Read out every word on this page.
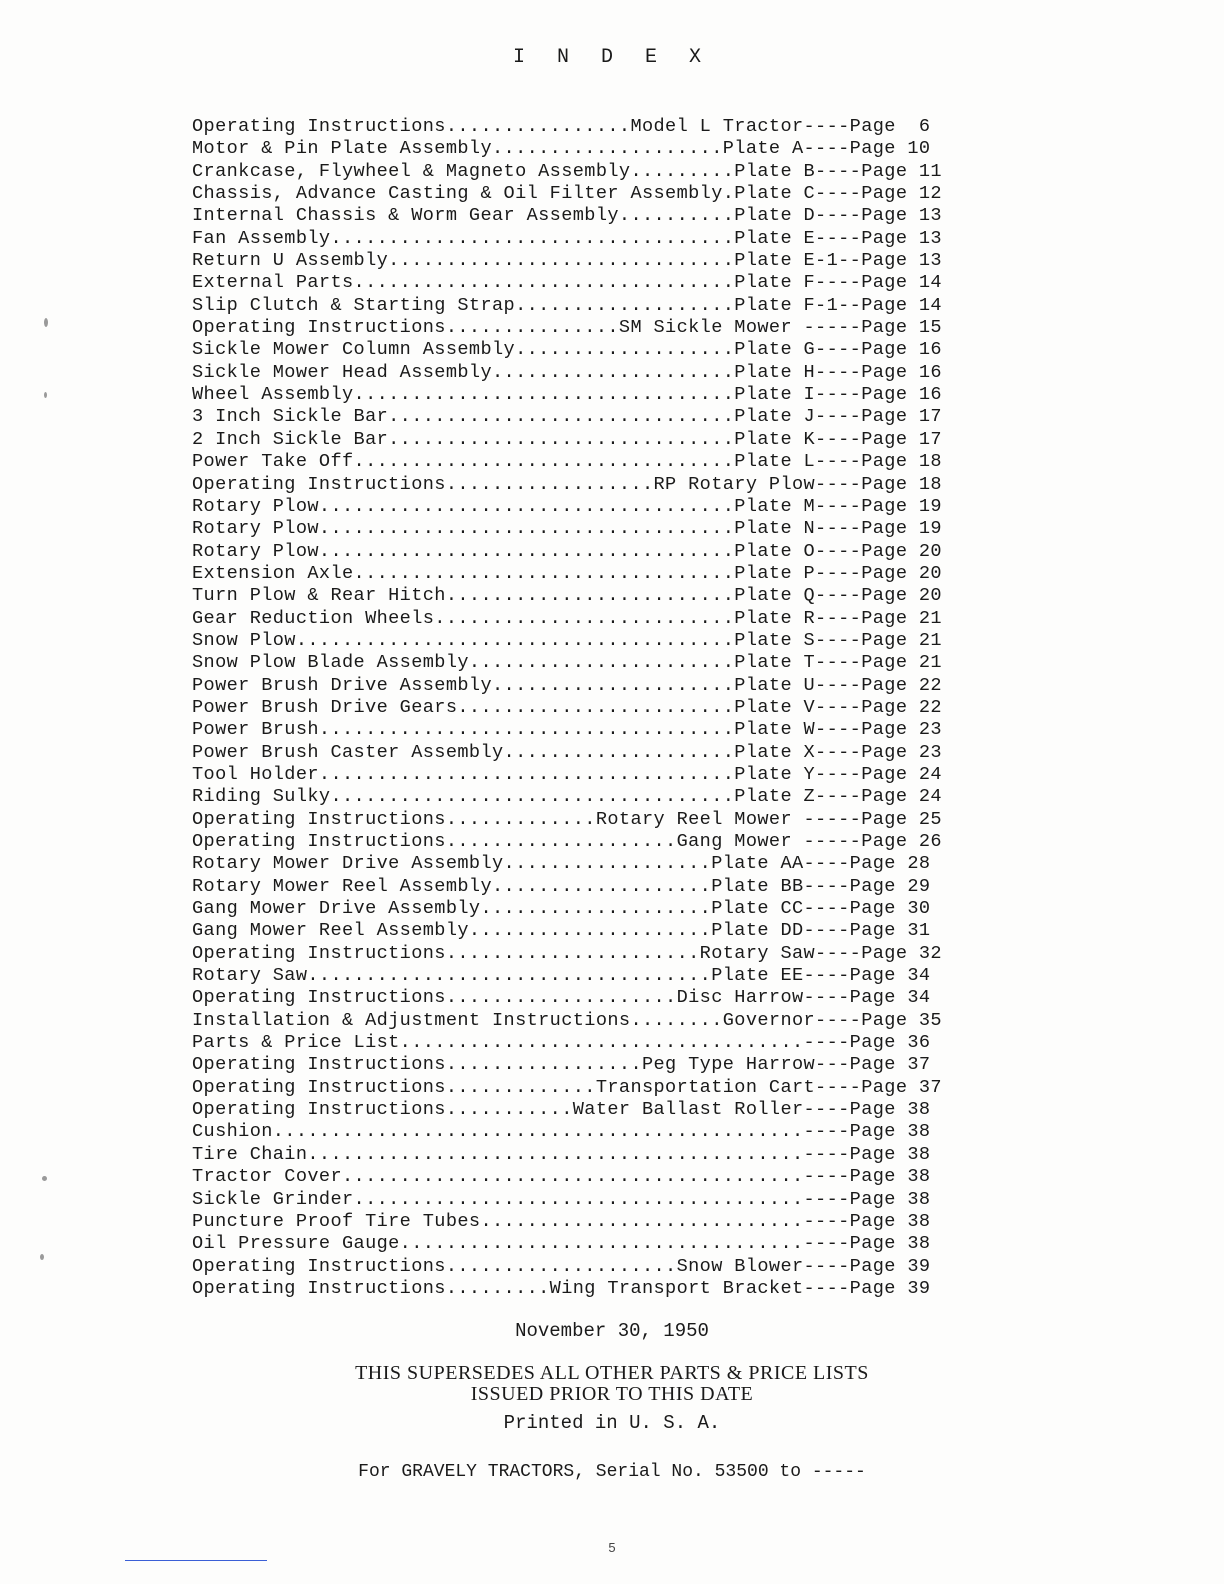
I N D E X
Operating Instructions................Model L Tractor----Page  6
Motor & Pin Plate Assembly....................Plate A----Page 10
Crankcase, Flywheel & Magneto Assembly.........Plate B----Page 11
Chassis, Advance Casting & Oil Filter Assembly.Plate C----Page 12
Internal Chassis & Worm Gear Assembly..........Plate D----Page 13
Fan Assembly...................................Plate E----Page 13
Return U Assembly..............................Plate E-1--Page 13
External Parts.................................Plate F----Page 14
Slip Clutch & Starting Strap...................Plate F-1--Page 14
Operating Instructions...............SM Sickle Mower -----Page 15
Sickle Mower Column Assembly...................Plate G----Page 16
Sickle Mower Head Assembly.....................Plate H----Page 16
Wheel Assembly.................................Plate I----Page 16
3 Inch Sickle Bar..............................Plate J----Page 17
2 Inch Sickle Bar..............................Plate K----Page 17
Power Take Off.................................Plate L----Page 18
Operating Instructions..................RP Rotary Plow----Page 18
Rotary Plow....................................Plate M----Page 19
Rotary Plow....................................Plate N----Page 19
Rotary Plow....................................Plate O----Page 20
Extension Axle.................................Plate P----Page 20
Turn Plow & Rear Hitch.........................Plate Q----Page 20
Gear Reduction Wheels..........................Plate R----Page 21
Snow Plow......................................Plate S----Page 21
Snow Plow Blade Assembly.......................Plate T----Page 21
Power Brush Drive Assembly.....................Plate U----Page 22
Power Brush Drive Gears........................Plate V----Page 22
Power Brush....................................Plate W----Page 23
Power Brush Caster Assembly....................Plate X----Page 23
Tool Holder....................................Plate Y----Page 24
Riding Sulky...................................Plate Z----Page 24
Operating Instructions.............Rotary Reel Mower -----Page 25
Operating Instructions....................Gang Mower -----Page 26
Rotary Mower Drive Assembly..................Plate AA----Page 28
Rotary Mower Reel Assembly...................Plate BB----Page 29
Gang Mower Drive Assembly....................Plate CC----Page 30
Gang Mower Reel Assembly.....................Plate DD----Page 31
Operating Instructions......................Rotary Saw----Page 32
Rotary Saw...................................Plate EE----Page 34
Operating Instructions....................Disc Harrow----Page 34
Installation & Adjustment Instructions........Governor----Page 35
Parts & Price List...................................----Page 36
Operating Instructions.................Peg Type Harrow---Page 37
Operating Instructions.............Transportation Cart----Page 37
Operating Instructions...........Water Ballast Roller----Page 38
Cushion..............................................----Page 38
Tire Chain...........................................----Page 38
Tractor Cover........................................----Page 38
Sickle Grinder.......................................----Page 38
Puncture Proof Tire Tubes............................----Page 38
Oil Pressure Gauge...................................----Page 38
Operating Instructions....................Snow Blower----Page 39
Operating Instructions.........Wing Transport Bracket----Page 39
November 30, 1950
THIS SUPERSEDES ALL OTHER PARTS & PRICE LISTS
ISSUED PRIOR TO THIS DATE
Printed in U. S. A.
For GRAVELY TRACTORS, Serial No. 53500 to -----
5
